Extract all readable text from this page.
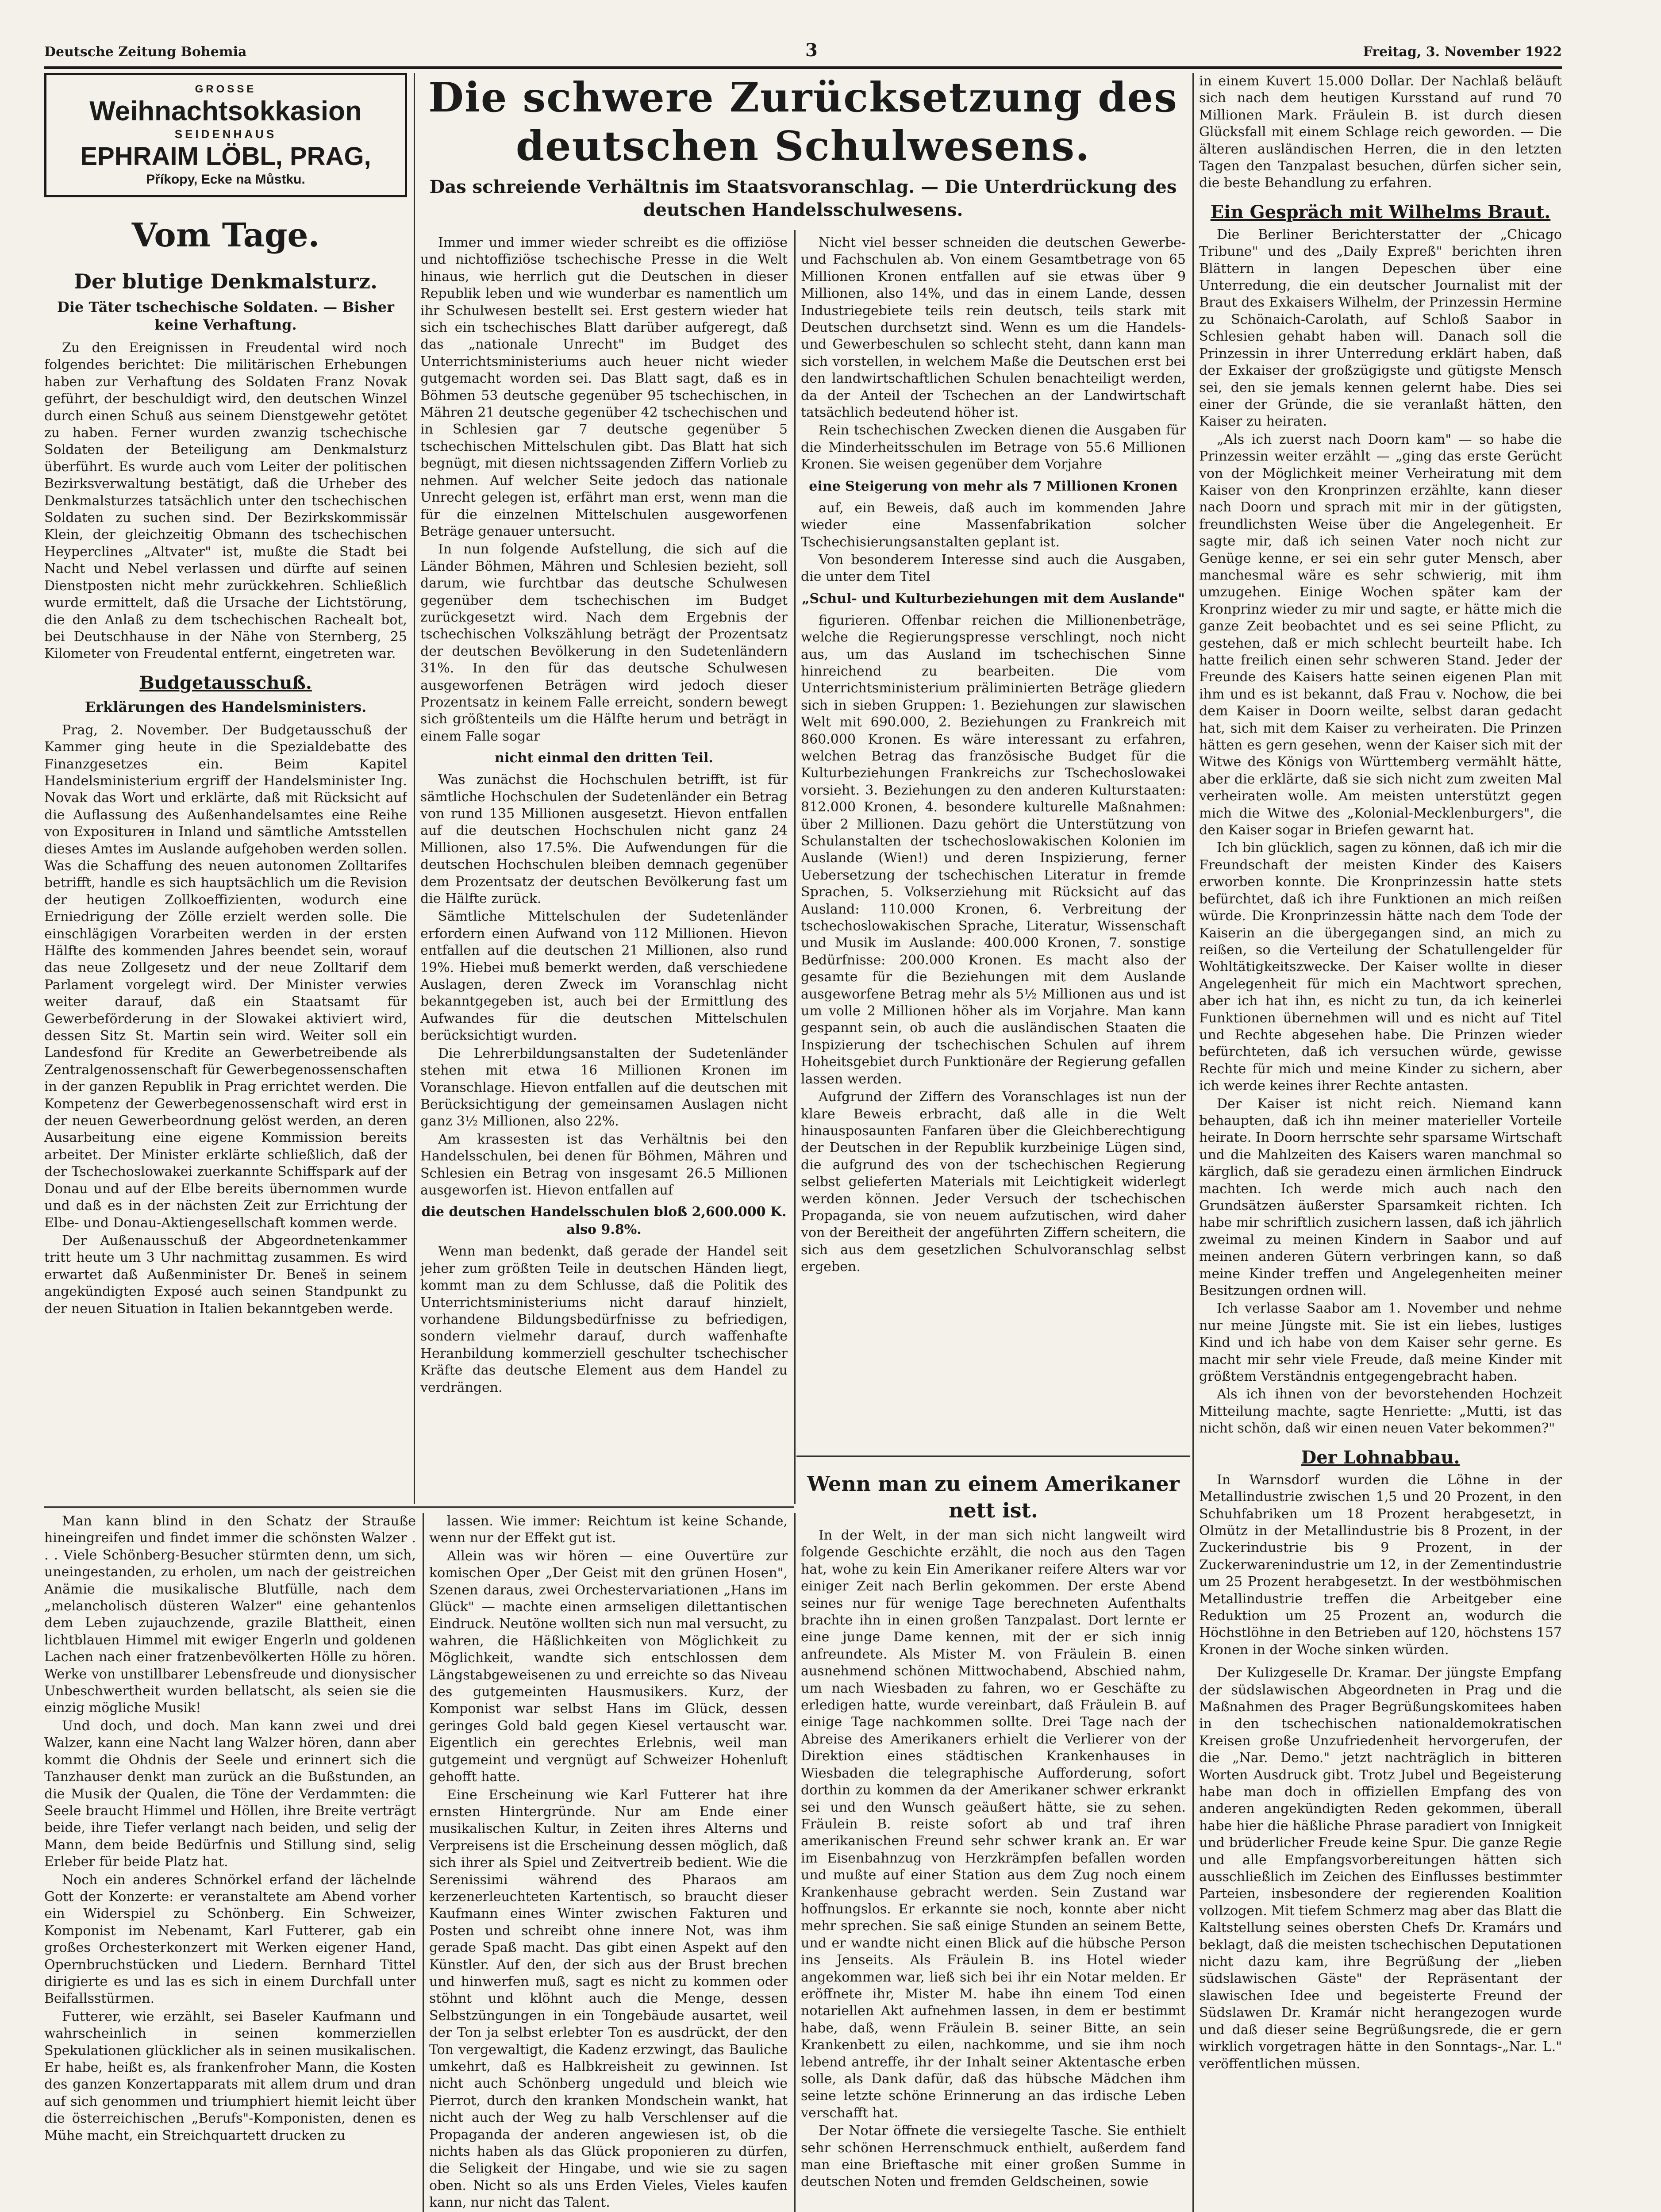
Deutsche Zeitung Bohemia	3	Freitag, 3. November 1922
GROSSE
Weihnachtsokkasion
SEIDENHAUS
EPHRAIM LÖBL, PRAG,
Příkopy, Ecke na Můstku.
Vom Tage.
Der blutige Denkmalsturz.
Die Täter tschechische Soldaten. — Bisher keine Verhaftung.

Zu den Ereignissen in Freudental wird noch folgendes berichtet: Die militärischen Erhebungen haben zur Verhaftung des Soldaten Franz Novak geführt, der beschuldigt wird, den deutschen Winzel durch einen Schuß aus seinem Dienstgewehr getötet zu haben. Ferner wurden zwanzig tschechische Soldaten der Beteiligung am Denkmalsturz überführt. Es wurde auch vom Leiter der politischen Bezirksverwaltung bestätigt, daß die Urheber des Denkmalsturzes tatsächlich unter den tschechischen Soldaten zu suchen sind. Der Bezirkskommissär Klein, der gleichzeitig Obmann des tschechischen Heyperclines „Altvater" ist, mußte die Stadt bei Nacht und Nebel verlassen und dürfte auf seinen Dienstposten nicht mehr zurückkehren. Schließlich wurde ermittelt, daß die Ursache der Lichtstörung, die den Anlaß zu dem tschechischen Rachealt bot, bei Deutschhause in der Nähe von Sternberg, 25 Kilometer von Freudental entfernt, eingetreten war.

Budgetausschuß.
Erklärungen des Handelsministers.

Prag, 2. November. Der Budgetausschuß der Kammer ging heute in die Spezialdebatte des Finanzgesetzes ein. Beim Kapitel Handelsministerium ergriff der Handelsminister Ing. Novak das Wort und erklärte, daß mit Rücksicht auf die Auflassung des Außenhandelsamtes eine Reihe von Expositurен in Inland und sämtliche Amtsstellen dieses Amtes im Auslande aufgehoben werden sollen. Was die Schaffung des neuen autonomen Zolltarifes betrifft, handle es sich hauptsächlich um die Revision der heutigen Zollkoeffizienten, wodurch eine Erniedrigung der Zölle erzielt werden solle. Die einschlägigen Vorarbeiten werden in der ersten Hälfte des kommenden Jahres beendet sein, worauf das neue Zollgesetz und der neue Zolltarif dem Parlament vorgelegt wird. Der Minister verwies weiter darauf, daß ein Staatsamt für Gewerbeförderung in der Slowakei aktiviert wird, dessen Sitz St. Martin sein wird. Weiter soll ein Landesfond für Kredite an Gewerbetreibende als Zentralgenossenschaft für Gewerbegenossenschaften in der ganzen Republik in Prag errichtet werden. Die Kompetenz der Gewerbegenossenschaft wird erst in der neuen Gewerbeordnung gelöst werden, an deren Ausarbeitung eine eigene Kommission bereits arbeitet. Der Minister erklärte schließlich, daß der der Tschechoslowakei zuerkannte Schiffspark auf der Donau und auf der Elbe bereits übernommen wurde und daß es in der nächsten Zeit zur Errichtung der Elbe- und Donau-Aktiengesellschaft kommen werde.

Der Außenausschuß der Abgeordnetenkammer tritt heute um 3 Uhr nachmittag zusammen. Es wird erwartet daß Außenminister Dr. Beneš in seinem angekündigten Exposé auch seinen Standpunkt zu der neuen Situation in Italien bekanntgeben werde.

Die schwere Zurücksetzung des deutschen Schulwesens.
Das schreiende Verhältnis im Staatsvoranschlag. — Die Unterdrückung des deutschen Handelsschulwesens.

Immer und immer wieder schreibt es die offiziöse und nichtoffiziöse tschechische Presse in die Welt hinaus, wie herrlich gut die Deutschen in dieser Republik leben und wie wunderbar es namentlich um ihr Schulwesen bestellt sei. Erst gestern wieder hat sich ein tschechisches Blatt darüber aufgeregt, daß das „nationale Unrecht" im Budget des Unterrichtsministeriums auch heuer nicht wieder gutgemacht worden sei. Das Blatt sagt, daß es in Böhmen 53 deutsche gegenüber 95 tschechischen, in Mähren 21 deutsche gegenüber 42 tschechischen und in Schlesien gar 7 deutsche gegenüber 5 tschechischen Mittelschulen gibt. Das Blatt hat sich begnügt, mit diesen nichtssagenden Ziffern Vorlieb zu nehmen. Auf welcher Seite jedoch das nationale Unrecht gelegen ist, erfährt man erst, wenn man die für die einzelnen Mittelschulen ausgeworfenen Beträge genauer untersucht.

In nun folgende Aufstellung, die sich auf die Länder Böhmen, Mähren und Schlesien bezieht, soll darum, wie furchtbar das deutsche Schulwesen gegenüber dem tschechischen im Budget zurückgesetzt wird. Nach dem Ergebnis der tschechischen Volkszählung beträgt der Prozentsatz der deutschen Bevölkerung in den Sudetenländern 31%. In den für das deutsche Schulwesen ausgeworfenen Beträgen wird jedoch dieser Prozentsatz in keinem Falle erreicht, sondern bewegt sich größtenteils um die Hälfte herum und beträgt in einem Falle sogar

nicht einmal den dritten Teil.

Was zunächst die Hochschulen betrifft, ist für sämtliche Hochschulen der Sudetenländer ein Betrag von rund 135 Millionen ausgesetzt. Hievon entfallen auf die deutschen Hochschulen nicht ganz 24 Millionen, also 17.5%. Die Aufwendungen für die deutschen Hochschulen bleiben demnach gegenüber dem Prozentsatz der deutschen Bevölkerung fast um die Hälfte zurück.

Sämtliche Mittelschulen der Sudetenländer erfordern einen Aufwand von 112 Millionen. Hievon entfallen auf die deutschen 21 Millionen, also rund 19%. Hiebei muß bemerkt werden, daß verschiedene Auslagen, deren Zweck im Voranschlag nicht bekanntgegeben ist, auch bei der Ermittlung des Aufwandes für die deutschen Mittelschulen berücksichtigt wurden.

Die Lehrerbildungsanstalten der Sudetenländer stehen mit etwa 16 Millionen Kronen im Voranschlage. Hievon entfallen auf die deutschen mit Berücksichtigung der gemeinsamen Auslagen nicht ganz 3½ Millionen, also 22%.

Am krassesten ist das Verhältnis bei den Handelsschulen, bei denen für Böhmen, Mähren und Schlesien ein Betrag von insgesamt 26.5 Millionen ausgeworfen ist. Hievon entfallen auf

die deutschen Handelsschulen bloß 2,600.000 K. also 9.8%.

Wenn man bedenkt, daß gerade der Handel seit jeher zum größten Teile in deutschen Händen liegt, kommt man zu dem Schlusse, daß die Politik des Unterrichtsministeriums nicht darauf hinzielt, vorhandene Bildungsbedürfnisse zu befriedigen, sondern vielmehr darauf, durch waffenhafte Heranbildung kommerziell geschulter tschechischer Kräfte das deutsche Element aus dem Handel zu verdrängen.

Nicht viel besser schneiden die deutschen Gewerbe- und Fachschulen ab. Von einem Gesamtbetrage von 65 Millionen Kronen entfallen auf sie etwas über 9 Millionen, also 14%, und das in einem Lande, dessen Industriegebiete teils rein deutsch, teils stark mit Deutschen durchsetzt sind. Wenn es um die Handels- und Gewerbeschulen so schlecht steht, dann kann man sich vorstellen, in welchem Maße die Deutschen erst bei den landwirtschaftlichen Schulen benachteiligt werden, da der Anteil der Tschechen an der Landwirtschaft tatsächlich bedeutend höher ist.

Rein tschechischen Zwecken dienen die Ausgaben für die Minderheitsschulen im Betrage von 55.6 Millionen Kronen. Sie weisen gegenüber dem Vorjahre

eine Steigerung von mehr als 7 Millionen Kronen

auf, ein Beweis, daß auch im kommenden Jahre wieder eine Massenfabrikation solcher Tschechisierungsanstalten geplant ist.

Von besonderem Interesse sind auch die Ausgaben, die unter dem Titel

„Schul- und Kulturbeziehungen mit dem Auslande"

figurieren. Offenbar reichen die Millionenbeträge, welche die Regierungspresse verschlingt, noch nicht aus, um das Ausland im tschechischen Sinne hinreichend zu bearbeiten. Die vom Unterrichtsministerium präliminierten Beträge gliedern sich in sieben Gruppen: 1. Beziehungen zur slawischen Welt mit 690.000, 2. Beziehungen zu Frankreich mit 860.000 Kronen. Es wäre interessant zu erfahren, welchen Betrag das französische Budget für die Kulturbeziehungen Frankreichs zur Tschechoslowakei vorsieht. 3. Beziehungen zu den anderen Kulturstaaten: 812.000 Kronen, 4. besondere kulturelle Maßnahmen: über 2 Millionen. Dazu gehört die Unterstützung von Schulanstalten der tschechoslowakischen Kolonien im Auslande (Wien!) und deren Inspizierung, ferner Uebersetzung der tschechischen Literatur in fremde Sprachen, 5. Volkserziehung mit Rücksicht auf das Ausland: 110.000 Kronen, 6. Verbreitung der tschechoslowakischen Sprache, Literatur, Wissenschaft und Musik im Auslande: 400.000 Kronen, 7. sonstige Bedürfnisse: 200.000 Kronen. Es macht also der gesamte für die Beziehungen mit dem Auslande ausgeworfene Betrag mehr als 5½ Millionen aus und ist um volle 2 Millionen höher als im Vorjahre. Man kann gespannt sein, ob auch die ausländischen Staaten die Inspizierung der tschechischen Schulen auf ihrem Hoheitsgebiet durch Funktionäre der Regierung gefallen lassen werden.

Aufgrund der Ziffern des Voranschlages ist nun der klare Beweis erbracht, daß alle in die Welt hinausposaunten Fanfaren über die Gleichberechtigung der Deutschen in der Republik kurzbeinige Lügen sind, die aufgrund des von der tschechischen Regierung selbst gelieferten Materials mit Leichtigkeit widerlegt werden können. Jeder Versuch der tschechischen Propaganda, sie von neuem aufzutischen, wird daher von der Bereitheit der angeführten Ziffern scheitern, die sich aus dem gesetzlichen Schulvoranschlag selbst ergeben.

Wenn man zu einem Amerikaner nett ist.

In der Welt, in der man sich nicht langweilt wird folgende Geschichte erzählt, die noch aus den Tagen hat, wohe zu kein Ein Amerikaner reifere Alters war vor einiger Zeit nach Berlin gekommen. Der erste Abend seines nur für wenige Tage berechneten Aufenthalts brachte ihn in einen großen Tanzpalast. Dort lernte er eine junge Dame kennen, mit der er sich innig anfreundete. Als Mister M. von Fräulein B. einen ausnehmend schönen Mittwochabend, Abschied nahm, um nach Wiesbaden zu fahren, wo er Geschäfte zu erledigen hatte, wurde vereinbart, daß Fräulein B. auf einige Tage nachkommen sollte. Drei Tage nach der Abreise des Amerikaners erhielt die Verlierer von der Direktion eines städtischen Krankenhauses in Wiesbaden die telegraphische Aufforderung, sofort dorthin zu kommen da der Amerikaner schwer erkrankt sei und den Wunsch geäußert hätte, sie zu sehen. Fräulein B. reiste sofort ab und traf ihren amerikanischen Freund sehr schwer krank an. Er war im Eisenbahnzug von Herzkrämpfen befallen worden und mußte auf einer Station aus dem Zug noch einem Krankenhause gebracht werden. Sein Zustand war hoffnungslos. Er erkannte sie noch, konnte aber nicht mehr sprechen. Sie saß einige Stunden an seinem Bette, und er wandte nicht einen Blick auf die hübsche Person ins Jenseits. Als Fräulein B. ins Hotel wieder angekommen war, ließ sich bei ihr ein Notar melden. Er eröffnete ihr, Mister M. habe ihn einem Tod einen notariellen Akt aufnehmen lassen, in dem er bestimmt habe, daß, wenn Fräulein B. seiner Bitte, an sein Krankenbett zu eilen, nachkomme, und sie ihm noch lebend antreffe, ihr der Inhalt seiner Aktentasche erben solle, als Dank dafür, daß das hübsche Mädchen ihm seine letzte schöne Erinnerung an das irdische Leben verschafft hat.

Der Notar öffnete die versiegelte Tasche. Sie enthielt sehr schönen Herrenschmuck enthielt, außerdem fand man eine Brieftasche mit einer großen Summe in deutschen Noten und fremden Geldscheinen, sowie

Man kann blind in den Schatz der Strauße hineingreifen und findet immer die schönsten Walzer . . . Viele Schönberg-Besucher stürmten denn, um sich, uneingestanden, zu erholen, um nach der geistreichen Anämie die musikalische Blutfülle, nach dem „melancholisch düsteren Walzer" eine gehantenlos dem Leben zujauchzende, grazile Blattheit, einen lichtblauen Himmel mit ewiger Engerln und goldenen Lachen nach einer fratzenbevölkerten Hölle zu hören. Werke von unstillbarer Lebensfreude und dionysischer Unbeschwertheit wurden bellatscht, als seien sie die einzig mögliche Musik!

Und doch, und doch. Man kann zwei und drei Walzer, kann eine Nacht lang Walzer hören, dann aber kommt die Ohdnis der Seele und erinnert sich die Tanzhauser denkt man zurück an die Bußstunden, an die Musik der Qualen, die Töne der Verdammten: die Seele braucht Himmel und Höllen, ihre Breite verträgt beide, ihre Tiefer verlangt nach beiden, und selig der Mann, dem beide Bedürfnis und Stillung sind, selig Erleber für beide Platz hat.

Noch ein anderes Schnörkel erfand der lächelnde Gott der Konzerte: er veranstaltete am Abend vorher ein Widerspiel zu Schönberg. Ein Schweizer, Komponist im Nebenamt, Karl Futterer, gab ein großes Orchesterkonzert mit Werken eigener Hand, Opernbruchstücken und Liedern. Bernhard Tittel dirigierte es und las es sich in einem Durchfall unter Beifallsstürmen.

Futterer, wie erzählt, sei Baseler Kaufmann und wahrscheinlich in seinen kommerziellen Spekulationen glücklicher als in seinen musikalischen. Er habe, heißt es, als frankenfroher Mann, die Kosten des ganzen Konzertapparats mit allem drum und dran auf sich genommen und triumphiert hiemit leicht über die österreichischen „Berufs"-Komponisten, denen es Mühe macht, ein Streichquartett drucken zu

lassen. Wie immer: Reichtum ist keine Schande, wenn nur der Effekt gut ist.

Allein was wir hören — eine Ouvertüre zur komischen Oper „Der Geist mit den grünen Hosen", Szenen daraus, zwei Orchestervariationen „Hans im Glück" — machte einen armseligen dilettantischen Eindruck. Neutöne wollten sich nun mal versucht, zu wahren, die Häßlichkeiten von Möglichkeit zu Möglichkeit, wandte sich entschlossen dem Längstabgeweisenen zu und erreichte so das Niveau des gutgemeinten Hausmusikers. Kurz, der Komponist war selbst Hans im Glück, dessen geringes Gold bald gegen Kiesel vertauscht war. Eigentlich ein gerechtes Erlebnis, weil man gutgemeint und vergnügt auf Schweizer Hohenluft gehofft hatte.

Eine Erscheinung wie Karl Futterer hat ihre ernsten Hintergründe. Nur am Ende einer musikalischen Kultur, in Zeiten ihres Alterns und Verpreisens ist die Erscheinung dessen möglich, daß sich ihrer als Spiel und Zeitvertreib bedient. Wie die Serenissimi während des Pharaos am kerzenerleuchteten Kartentisch, so braucht dieser Kaufmann eines Winter zwischen Fakturen und Posten und schreibt ohne innere Not, was ihm gerade Spaß macht. Das gibt einen Aspekt auf den Künstler. Auf den, der sich aus der Brust brechen und hinwerfen muß, sagt es nicht zu kommen oder stöhnt und klöhnt auch die Menge, dessen Selbstzüngungen in ein Tongebäude ausartet, weil der Ton ja selbst erlebter Ton es ausdrückt, der den Ton vergewaltigt, die Kadenz erzwingt, das Bauliche umkehrt, daß es Halbkreisheit zu gewinnen. Ist nicht auch Schönberg ungeduld und bleich wie Pierrot, durch den kranken Mondschein wankt, hat nicht auch der Weg zu halb Verschlenser auf die Propaganda der anderen angewiesen ist, ob die nichts haben als das Glück proponieren zu dürfen, die Seligkeit der Hingabe, und wie sie zu sagen oben. Nicht so als uns Erden Vieles, Vieles kaufen kann, nur nicht das Talent.

in einem Kuvert 15.000 Dollar. Der Nachlaß beläuft sich nach dem heutigen Kursstand auf rund 70 Millionen Mark. Fräulein B. ist durch diesen Glücksfall mit einem Schlage reich geworden. — Die älteren ausländischen Herren, die in den letzten Tagen den Tanzpalast besuchen, dürfen sicher sein, die beste Behandlung zu erfahren.

Ein Gespräch mit Wilhelms Braut.

Die Berliner Berichterstatter der „Chicago Tribune" und des „Daily Expreß" berichten ihren Blättern in langen Depeschen über eine Unterredung, die ein deutscher Journalist mit der Braut des Exkaisers Wilhelm, der Prinzessin Hermine zu Schönaich-Carolath, auf Schloß Saabor in Schlesien gehabt haben will. Danach soll die Prinzessin in ihrer Unterredung erklärt haben, daß der Exkaiser der großzügigste und gütigste Mensch sei, den sie jemals kennen gelernt habe. Dies sei einer der Gründe, die sie veranlaßt hätten, den Kaiser zu heiraten.

„Als ich zuerst nach Doorn kam" — so habe die Prinzessin weiter erzählt — „ging das erste Gerücht von der Möglichkeit meiner Verheiratung mit dem Kaiser von den Kronprinzen erzählte, kann dieser nach Doorn und sprach mit mir in der gütigsten, freundlichsten Weise über die Angelegenheit. Er sagte mir, daß ich seinen Vater noch nicht zur Genüge kenne, er sei ein sehr guter Mensch, aber manchesmal wäre es sehr schwierig, mit ihm umzugehen. Einige Wochen später kam der Kronprinz wieder zu mir und sagte, er hätte mich die ganze Zeit beobachtet und es sei seine Pflicht, zu gestehen, daß er mich schlecht beurteilt habe. Ich hatte freilich einen sehr schweren Stand. Jeder der Freunde des Kaisers hatte seinen eigenen Plan mit ihm und es ist bekannt, daß Frau v. Nochow, die bei dem Kaiser in Doorn weilte, selbst daran gedacht hat, sich mit dem Kaiser zu verheiraten. Die Prinzen hätten es gern gesehen, wenn der Kaiser sich mit der Witwe des Königs von Württemberg vermählt hätte, aber die erklärte, daß sie sich nicht zum zweiten Mal verheiraten wolle. Am meisten unterstützt gegen mich die Witwe des „Kolonial-Mecklenburgers", die den Kaiser sogar in Briefen gewarnt hat.

Ich bin glücklich, sagen zu können, daß ich mir die Freundschaft der meisten Kinder des Kaisers erworben konnte. Die Kronprinzessin hatte stets befürchtet, daß ich ihre Funktionen an mich reißen würde. Die Kronprinzessin hätte nach dem Tode der Kaiserin an die übergegangen sind, an mich zu reißen, so die Verteilung der Schatullengelder für Wohltätigkeitszwecke. Der Kaiser wollte in dieser Angelegenheit für mich ein Machtwort sprechen, aber ich hat ihn, es nicht zu tun, da ich keinerlei Funktionen übernehmen will und es nicht auf Titel und Rechte abgesehen habe. Die Prinzen wieder befürchteten, daß ich versuchen würde, gewisse Rechte für mich und meine Kinder zu sichern, aber ich werde keines ihrer Rechte antasten.

Der Kaiser ist nicht reich. Niemand kann behaupten, daß ich ihn meiner materieller Vorteile heirate. In Doorn herrschte sehr sparsame Wirtschaft und die Mahlzeiten des Kaisers waren manchmal so kärglich, daß sie geradezu einen ärmlichen Eindruck machten. Ich werde mich auch nach den Grundsätzen äußerster Sparsamkeit richten. Ich habe mir schriftlich zusichern lassen, daß ich jährlich zweimal zu meinen Kindern in Saabor und auf meinen anderen Gütern verbringen kann, so daß meine Kinder treffen und Angelegenheiten meiner Besitzungen ordnen will.

Ich verlasse Saabor am 1. November und nehme nur meine Jüngste mit. Sie ist ein liebes, lustiges Kind und ich habe von dem Kaiser sehr gerne. Es macht mir sehr viele Freude, daß meine Kinder mit größtem Verständnis entgegengebracht haben.

Als ich ihnen von der bevorstehenden Hochzeit Mitteilung machte, sagte Henriette: „Mutti, ist das nicht schön, daß wir einen neuen Vater bekommen?"

Der Lohnabbau.

In Warnsdorf wurden die Löhne in der Metallindustrie zwischen 1,5 und 20 Prozent, in den Schuhfabriken um 18 Prozent herabgesetzt, in Olmütz in der Metallindustrie bis 8 Prozent, in der Zuckerindustrie bis 9 Prozent, in der Zuckerwarenindustrie um 12, in der Zementindustrie um 25 Prozent herabgesetzt. In der westböhmischen Metallindustrie treffen die Arbeitgeber eine Reduktion um 25 Prozent an, wodurch die Höchstlöhne in den Betrieben auf 120, höchstens 157 Kronen in der Woche sinken würden.

Der Kulizgeselle Dr. Kramar. Der jüngste Empfang der südslawischen Abgeordneten in Prag und die Maßnahmen des Prager Begrüßungskomitees haben in den tschechischen nationaldemokratischen Kreisen große Unzufriedenheit hervorgerufen, der die „Nar. Demo." jetzt nachträglich in bitteren Worten Ausdruck gibt. Trotz Jubel und Begeisterung habe man doch in offiziellen Empfang des von anderen angekündigten Reden gekommen, überall habe hier die häßliche Phrase paradiert von Innigkeit und brüderlicher Freude keine Spur. Die ganze Regie und alle Empfangsvorbereitungen hätten sich ausschließlich im Zeichen des Einflusses bestimmter Parteien, insbesondere der regierenden Koalition vollzogen. Mit tiefem Schmerz mag aber das Blatt die Kaltstellung seines obersten Chefs Dr. Kramárs und beklagt, daß die meisten tschechischen Deputationen nicht dazu kam, ihre Begrüßung der „lieben südslawischen Gäste" der Repräsentant der slawischen Idee und begeisterte Freund der Südslawen Dr. Kramár nicht herangezogen wurde und daß dieser seine Begrüßungsrede, die er gern wirklich vorgetragen hätte in den Sonntags-„Nar. L." veröffentlichen müssen.
